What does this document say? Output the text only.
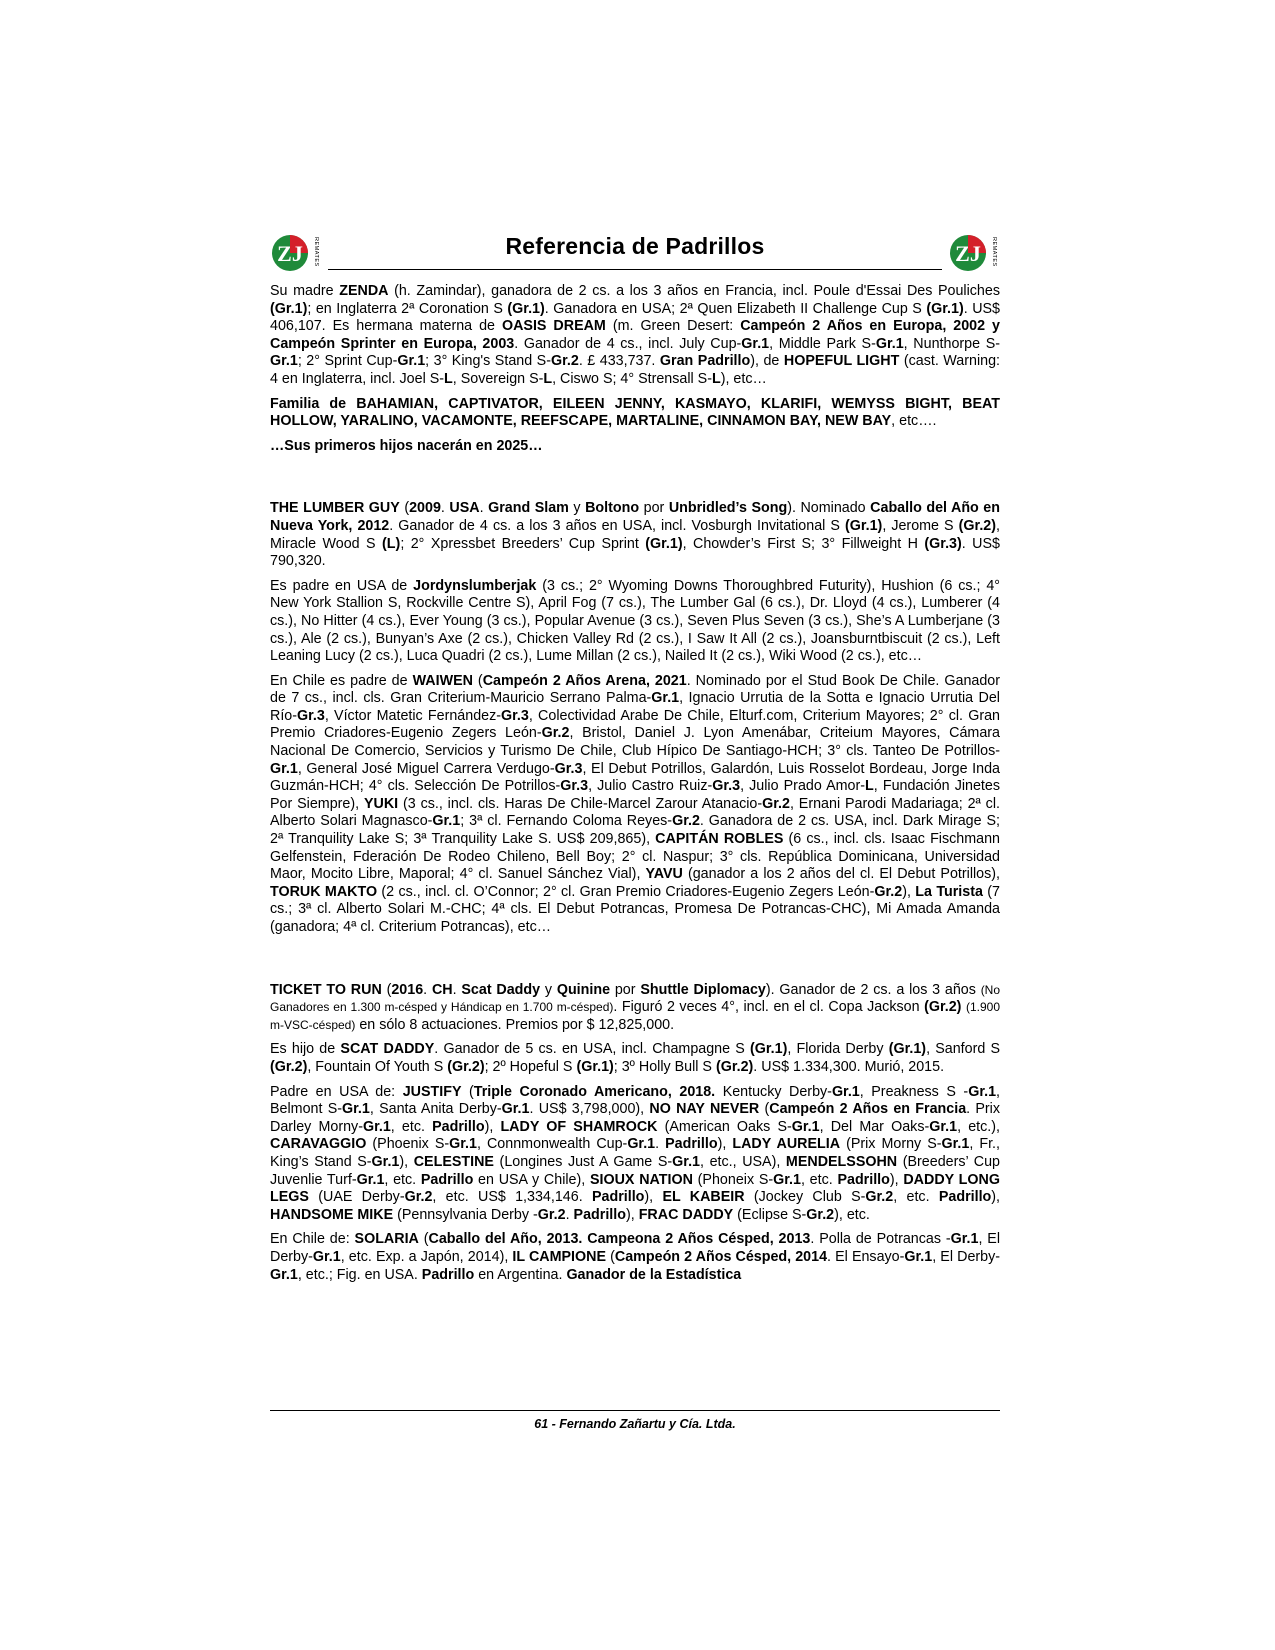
ZJ REMATES	Referencia de Padrillos	ZJ REMATES

Su madre ZENDA (h. Zamindar), ganadora de 2 cs. a los 3 años en Francia, incl. Poule d'Essai Des Pouliches (Gr.1); en Inglaterra 2ª Coronation S (Gr.1). Ganadora en USA; 2ª Quen Elizabeth II Challenge Cup S (Gr.1). US$ 406,107. Es hermana materna de OASIS DREAM (m. Green Desert: Campeón 2 Años en Europa, 2002 y Campeón Sprinter en Europa, 2003. Ganador de 4 cs., incl. July Cup-Gr.1, Middle Park S-Gr.1, Nunthorpe S-Gr.1; 2° Sprint Cup-Gr.1; 3° King's Stand S-Gr.2. £ 433,737. Gran Padrillo), de HOPEFUL LIGHT (cast. Warning: 4 en Inglaterra, incl. Joel S-L, Sovereign S-L, Ciswo S; 4° Strensall S-L), etc…

Familia de BAHAMIAN, CAPTIVATOR, EILEEN JENNY, KASMAYO, KLARIFI, WEMYSS BIGHT, BEAT HOLLOW, YARALINO, VACAMONTE, REEFSCAPE, MARTALINE, CINNAMON BAY, NEW BAY, etc….

…Sus primeros hijos nacerán en 2025…

THE LUMBER GUY (2009. USA. Grand Slam y Boltono por Unbridled’s Song). Nominado Caballo del Año en Nueva York, 2012. Ganador de 4 cs. a los 3 años en USA, incl. Vosburgh Invitational S (Gr.1), Jerome S (Gr.2), Miracle Wood S (L); 2° Xpressbet Breeders’ Cup Sprint (Gr.1), Chowder’s First S; 3° Fillweight H (Gr.3). US$ 790,320.

Es padre en USA de Jordynslumberjak (3 cs.; 2° Wyoming Downs Thoroughbred Futurity), Hushion (6 cs.; 4° New York Stallion S, Rockville Centre S), April Fog (7 cs.), The Lumber Gal (6 cs.), Dr. Lloyd (4 cs.), Lumberer (4 cs.), No Hitter (4 cs.), Ever Young (3 cs.), Popular Avenue (3 cs.), Seven Plus Seven (3 cs.), She’s A Lumberjane (3 cs.), Ale (2 cs.), Bunyan’s Axe (2 cs.), Chicken Valley Rd (2 cs.), I Saw It All (2 cs.), Joansburntbiscuit (2 cs.), Left Leaning Lucy (2 cs.), Luca Quadri (2 cs.), Lume Millan (2 cs.), Nailed It (2 cs.), Wiki Wood (2 cs.), etc…

En Chile es padre de WAIWEN (Campeón 2 Años Arena, 2021. Nominado por el Stud Book De Chile. Ganador de 7 cs., incl. cls. Gran Criterium-Mauricio Serrano Palma-Gr.1, Ignacio Urrutia de la Sotta e Ignacio Urrutia Del Río-Gr.3, Víctor Matetic Fernández-Gr.3, Colectividad Arabe De Chile, Elturf.com, Criterium Mayores; 2° cl. Gran Premio Criadores-Eugenio Zegers León-Gr.2, Bristol, Daniel J. Lyon Amenábar, Criteium Mayores, Cámara Nacional De Comercio, Servicios y Turismo De Chile, Club Hípico De Santiago-HCH; 3° cls. Tanteo De Potrillos-Gr.1, General José Miguel Carrera Verdugo-Gr.3, El Debut Potrillos, Galardón, Luis Rosselot Bordeau, Jorge Inda Guzmán-HCH; 4° cls. Selección De Potrillos-Gr.3, Julio Castro Ruiz-Gr.3, Julio Prado Amor-L, Fundación Jinetes Por Siempre), YUKI (3 cs., incl. cls. Haras De Chile-Marcel Zarour Atanacio-Gr.2, Ernani Parodi Madariaga; 2ª cl. Alberto Solari Magnasco-Gr.1; 3ª cl. Fernando Coloma Reyes-Gr.2. Ganadora de 2 cs. USA, incl. Dark Mirage S; 2ª Tranquility Lake S; 3ª Tranquility Lake S. US$ 209,865), CAPITÁN ROBLES (6 cs., incl. cls. Isaac Fischmann Gelfenstein, Fderación De Rodeo Chileno, Bell Boy; 2° cl. Naspur; 3° cls. República Dominicana, Universidad Maor, Mocito Libre, Maporal; 4° cl. Sanuel Sánchez Vial), YAVU (ganador a los 2 años del cl. El Debut Potrillos), TORUK MAKTO (2 cs., incl. cl. O’Connor; 2° cl. Gran Premio Criadores-Eugenio Zegers León-Gr.2), La Turista (7 cs.; 3ª cl. Alberto Solari M.-CHC; 4ª cls. El Debut Potrancas, Promesa De Potrancas-CHC), Mi Amada Amanda (ganadora; 4ª cl. Criterium Potrancas), etc…

TICKET TO RUN (2016. CH. Scat Daddy y Quinine por Shuttle Diplomacy). Ganador de 2 cs. a los 3 años (No Ganadores en 1.300 m-césped y Hándicap en 1.700 m-césped). Figuró 2 veces 4°, incl. en el cl. Copa Jackson (Gr.2) (1.900 m-VSC-césped) en sólo 8 actuaciones. Premios por $ 12,825,000.

Es hijo de SCAT DADDY. Ganador de 5 cs. en USA, incl. Champagne S (Gr.1), Florida Derby (Gr.1), Sanford S (Gr.2), Fountain Of Youth S (Gr.2); 2º Hopeful S (Gr.1); 3º Holly Bull S (Gr.2). US$ 1.334,300. Murió, 2015.

Padre en USA de: JUSTIFY (Triple Coronado Americano, 2018. Kentucky Derby-Gr.1, Preakness S -Gr.1, Belmont S-Gr.1, Santa Anita Derby-Gr.1. US$ 3,798,000), NO NAY NEVER (Campeón 2 Años en Francia. Prix Darley Morny-Gr.1, etc. Padrillo), LADY OF SHAMROCK (American Oaks S-Gr.1, Del Mar Oaks-Gr.1, etc.), CARAVAGGIO (Phoenix S-Gr.1, Connmonwealth Cup-Gr.1. Padrillo), LADY AURELIA (Prix Morny S-Gr.1, Fr., King’s Stand S-Gr.1), CELESTINE (Longines Just A Game S-Gr.1, etc., USA), MENDELSSOHN (Breeders’ Cup Juvenlie Turf-Gr.1, etc. Padrillo en USA y Chile), SIOUX NATION (Phoneix S-Gr.1, etc. Padrillo), DADDY LONG LEGS (UAE Derby-Gr.2, etc. US$ 1,334,146. Padrillo), EL KABEIR (Jockey Club S-Gr.2, etc. Padrillo), HANDSOME MIKE (Pennsylvania Derby -Gr.2. Padrillo), FRAC DADDY (Eclipse S-Gr.2), etc.

En Chile de: SOLARIA (Caballo del Año, 2013. Campeona 2 Años Césped, 2013. Polla de Potrancas -Gr.1, El Derby-Gr.1, etc. Exp. a Japón, 2014), IL CAMPIONE (Campeón 2 Años Césped, 2014. El Ensayo-Gr.1, El Derby-Gr.1, etc.; Fig. en USA. Padrillo en Argentina. Ganador de la Estadística

61 - Fernando Zañartu y Cía. Ltda.
